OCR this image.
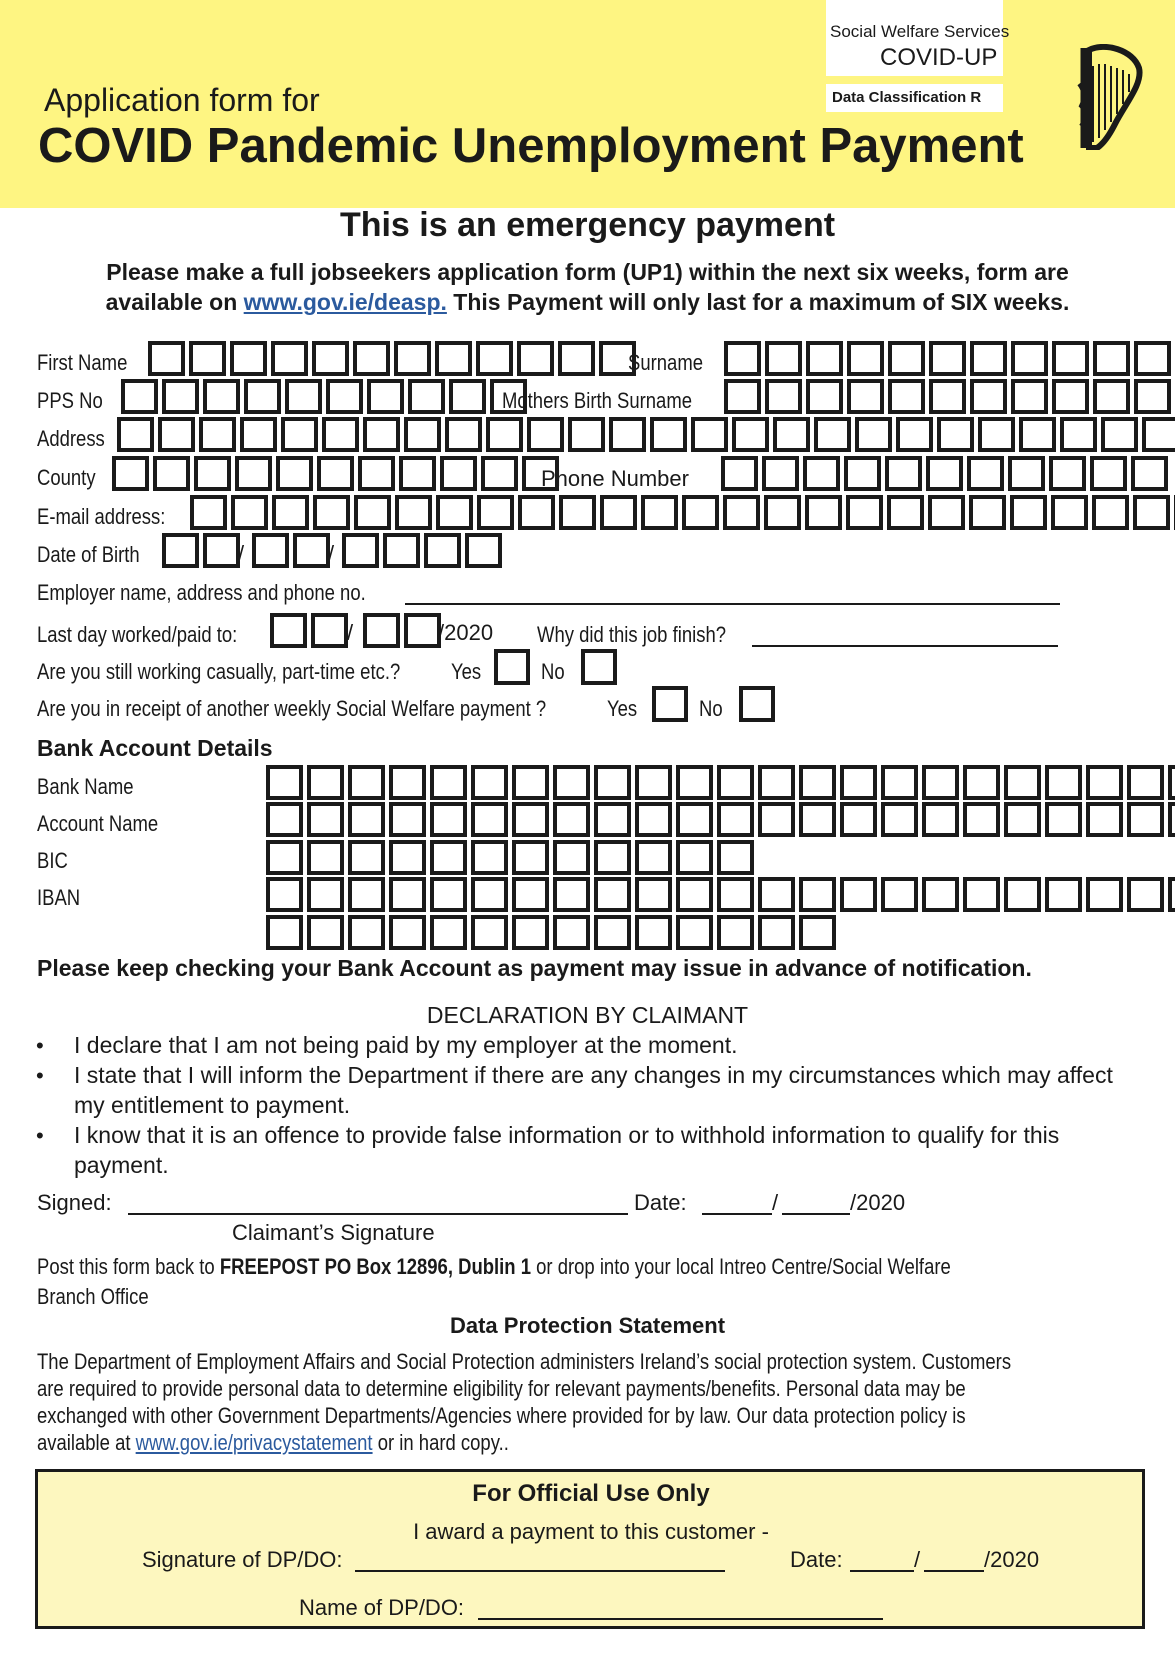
Social Welfare Services
COVID-UP
Data Classification R
Application form for
COVID Pandemic Unemployment Payment
This is an emergency payment
Please make a full jobseekers application form (UP1) within the next six weeks, form are
available on www.gov.ie/deasp. This Payment will only last for a maximum of SIX weeks.
First Name	Surname
PPS No	Mothers Birth Surname
Address
County	Phone Number
E-mail address:
Date of Birth	/	/
Employer name, address and phone no.
Last day worked/paid to:	/	/2020 Why did this job finish?
Are you still working casually, part-time etc.? Yes	No
Are you in receipt of another weekly Social Welfare payment ?	Yes	No
Bank Account Details
Bank Name
Account Name
BIC
IBAN
Please keep checking your Bank Account as payment may issue in advance of notification.
DECLARATION BY CLAIMANT
• I declare that I am not being paid by my employer at the moment.
• I state that I will inform the Department if there are any changes in my circumstances which may affect my entitlement to payment.
• I know that it is an offence to provide false information or to withhold information to qualify for this payment.
Signed:	Date:	/	/2020
Claimant’s Signature
Post this form back to FREEPOST PO Box 12896, Dublin 1 or drop into your local Intreo Centre/Social Welfare
Branch Office
Data Protection Statement
The Department of Employment Affairs and Social Protection administers Ireland’s social protection system. Customers
are required to provide personal data to determine eligibility for relevant payments/benefits. Personal data may be
exchanged with other Government Departments/Agencies where provided for by law. Our data protection policy is
available at www.gov.ie/privacystatement or in hard copy..
For Official Use Only
I award a payment to this customer -
Signature of DP/DO:	Date:	/	/2020
Name of DP/DO:
